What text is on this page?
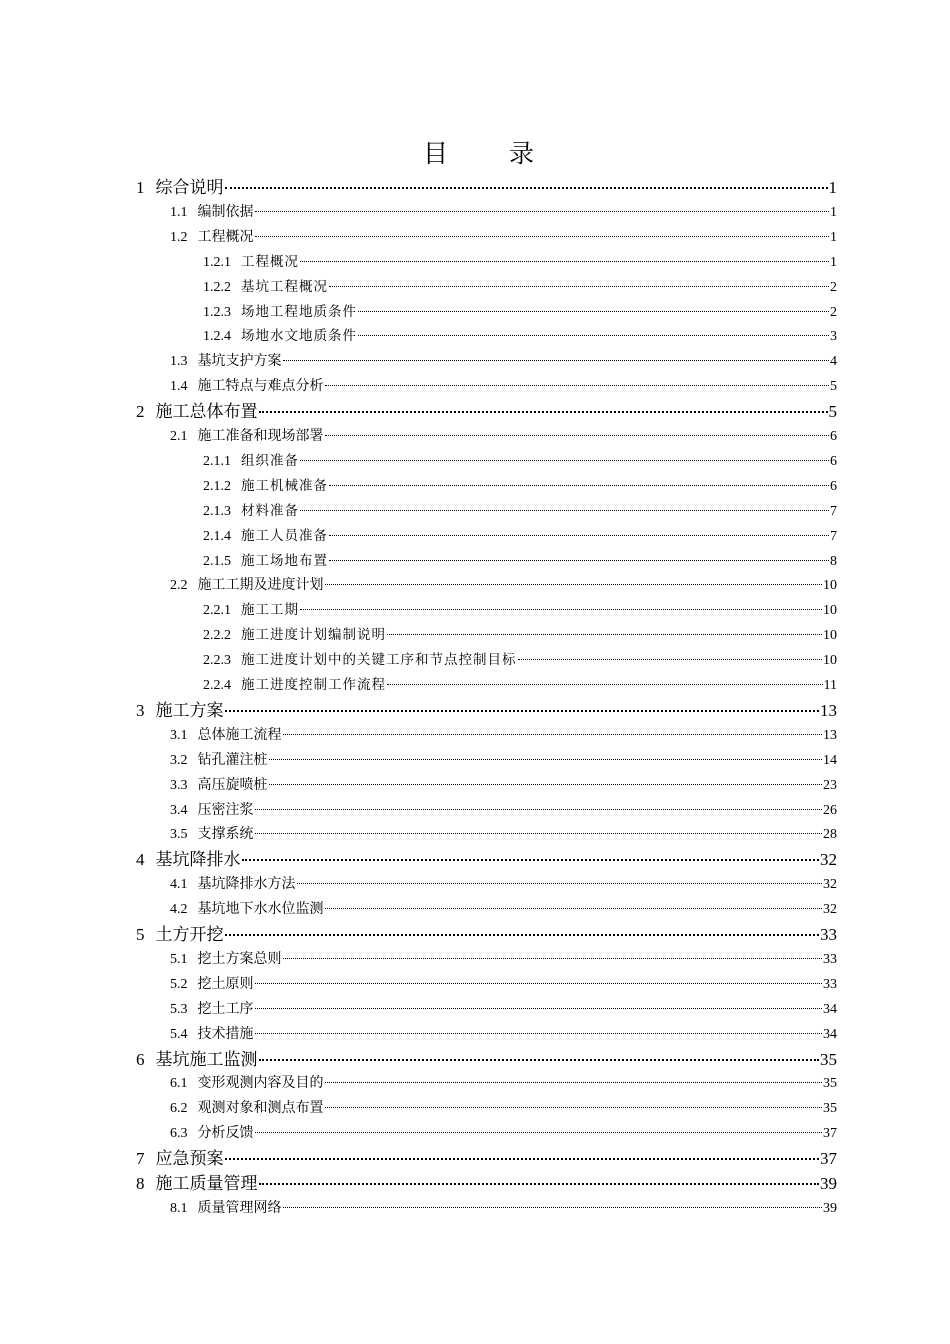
目　录
1 综合说明	1
1.1 编制依据	1
1.2 工程概况	1
1.2.1 工程概况	1
1.2.2 基坑工程概况	2
1.2.3 场地工程地质条件	2
1.2.4 场地水文地质条件	3
1.3 基坑支护方案	4
1.4 施工特点与难点分析	5
2 施工总体布置	5
2.1 施工准备和现场部署	6
2.1.1 组织准备	6
2.1.2 施工机械准备	6
2.1.3 材料准备	7
2.1.4 施工人员准备	7
2.1.5 施工场地布置	8
2.2 施工工期及进度计划	10
2.2.1 施工工期	10
2.2.2 施工进度计划编制说明	10
2.2.3 施工进度计划中的关键工序和节点控制目标	10
2.2.4 施工进度控制工作流程	11
3 施工方案	13
3.1 总体施工流程	13
3.2 钻孔灌注桩	14
3.3 高压旋喷桩	23
3.4 压密注浆	26
3.5 支撑系统	28
4 基坑降排水	32
4.1 基坑降排水方法	32
4.2 基坑地下水水位监测	32
5 土方开挖	33
5.1 挖土方案总则	33
5.2 挖土原则	33
5.3 挖土工序	34
5.4 技术措施	34
6 基坑施工监测	35
6.1 变形观测内容及目的	35
6.2 观测对象和测点布置	35
6.3 分析反馈	37
7 应急预案	37
8 施工质量管理	39
8.1 质量管理网络	39
